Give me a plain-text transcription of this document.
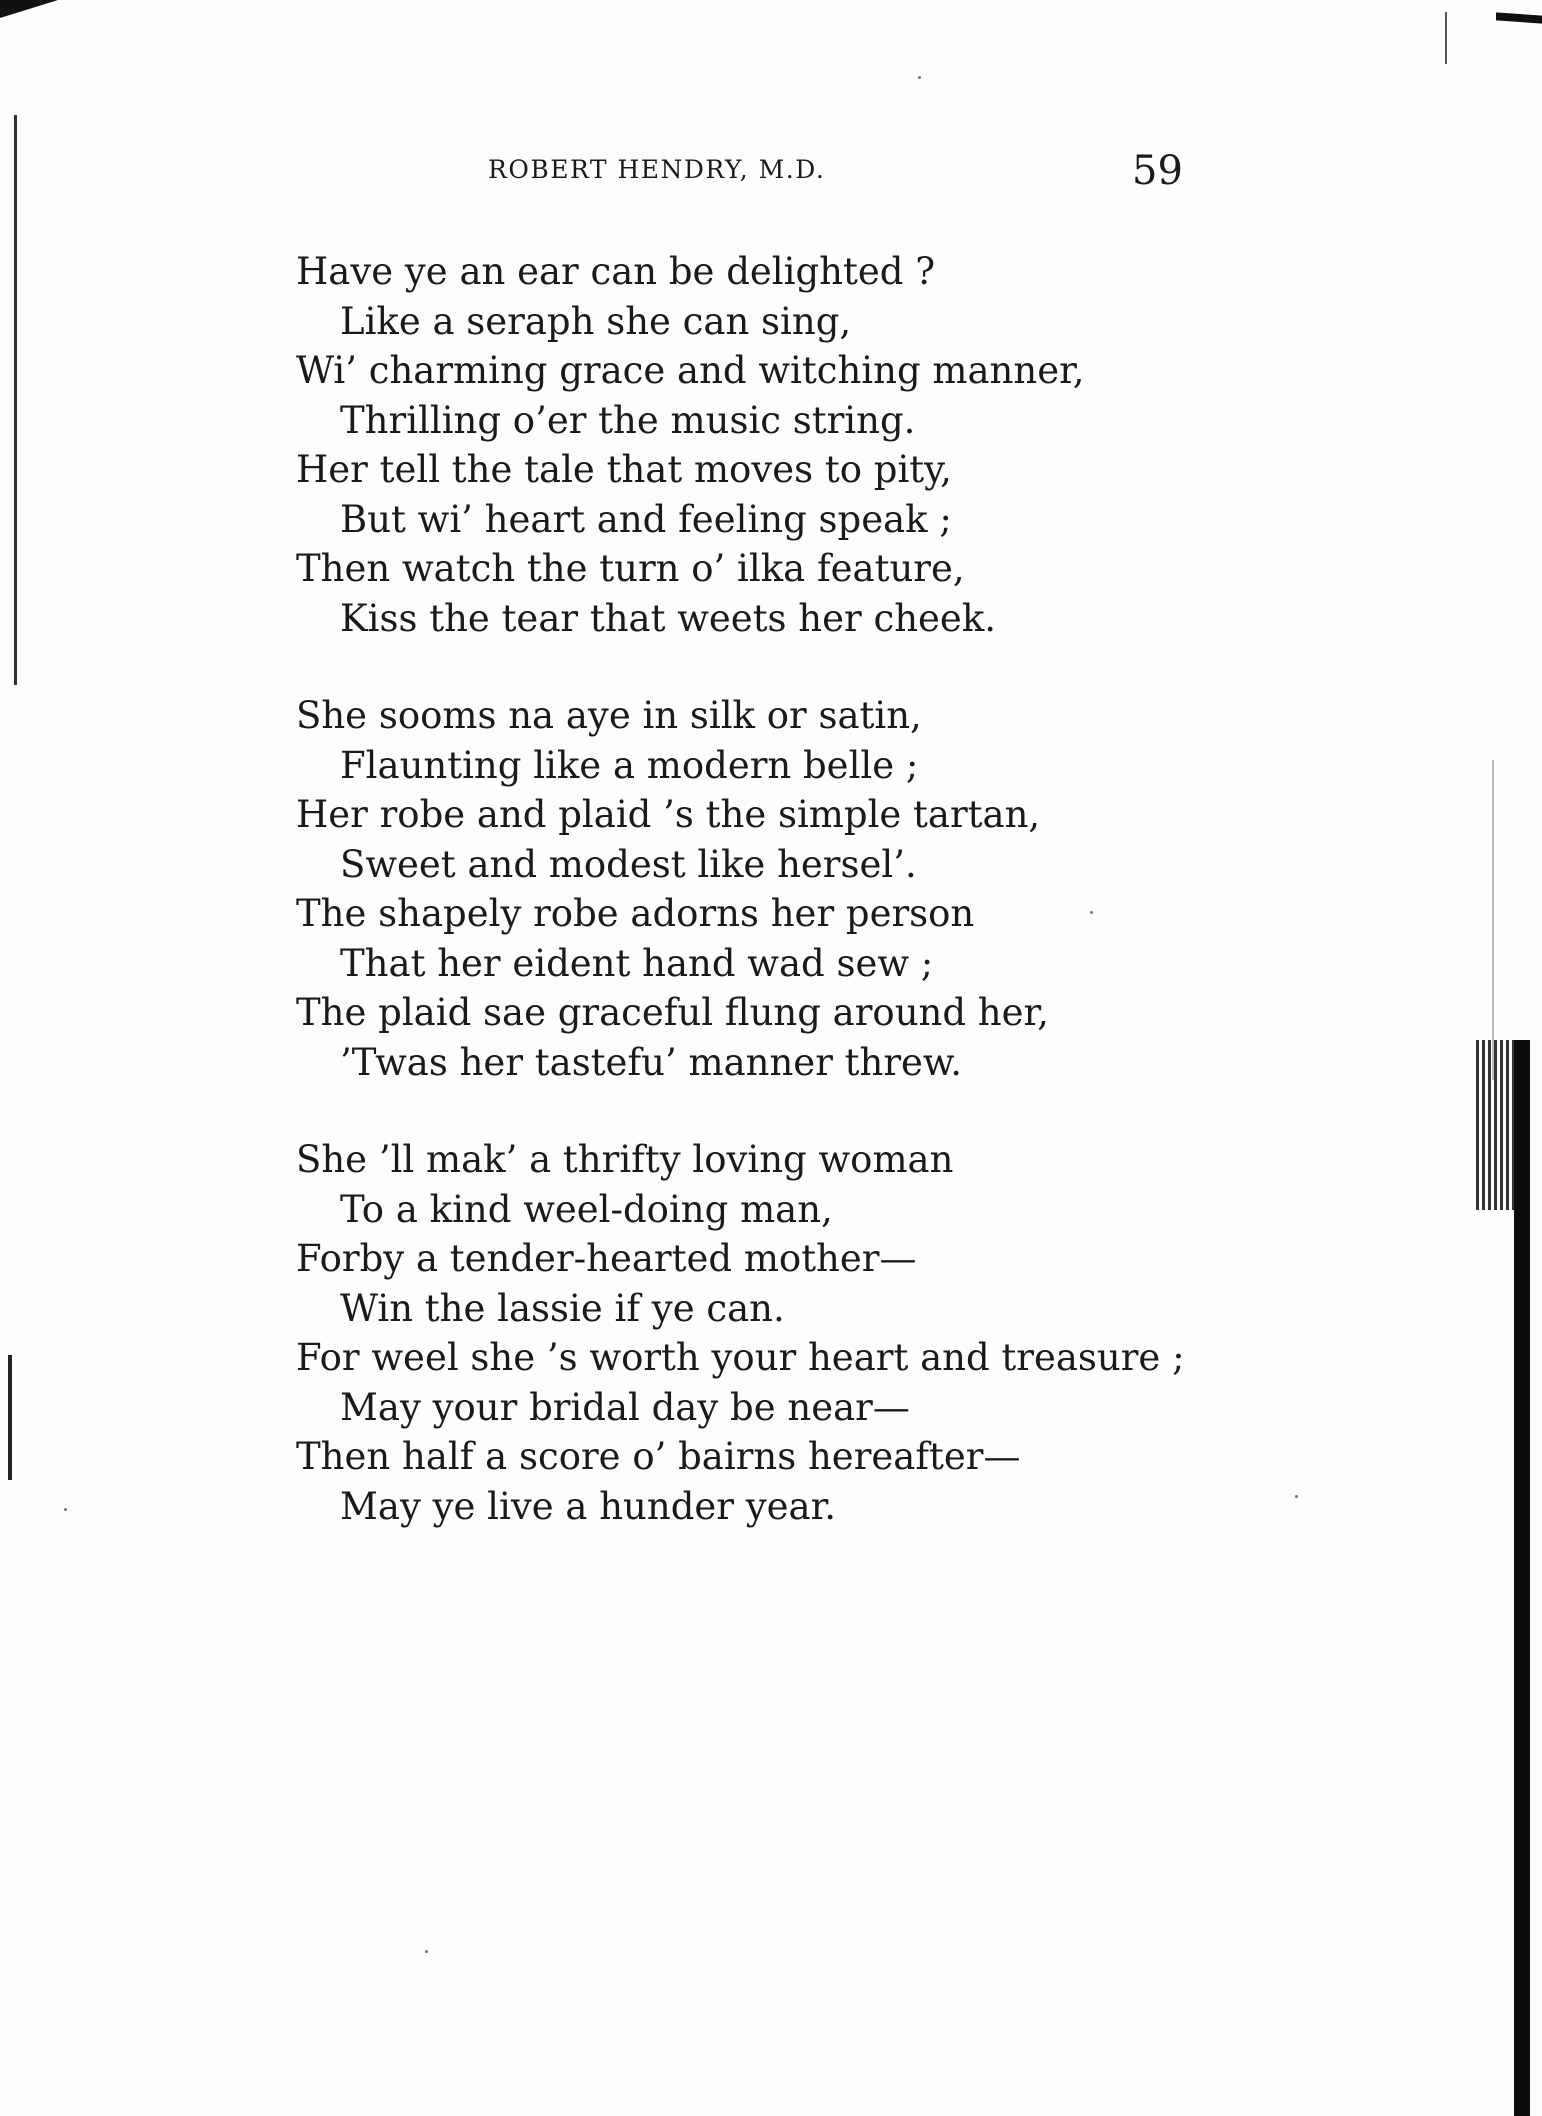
ROBERT HENDRY, M.D.	59
Have ye an ear can be delighted ?
Like a seraph she can sing,
Wi’ charming grace and witching manner,
Thrilling o’er the music string.
Her tell the tale that moves to pity,
But wi’ heart and feeling speak ;
Then watch the turn o’ ilka feature,
Kiss the tear that weets her cheek.
She sooms na aye in silk or satin,
Flaunting like a modern belle ;
Her robe and plaid ’s the simple tartan,
Sweet and modest like hersel’.
The shapely robe adorns her person
That her eident hand wad sew ;
The plaid sae graceful flung around her,
’Twas her tastefu’ manner threw.
She ’ll mak’ a thrifty loving woman
To a kind weel-doing man,
Forby a tender-hearted mother—
Win the lassie if ye can.
For weel she ’s worth your heart and treasure ;
May your bridal day be near—
Then half a score o’ bairns hereafter—
May ye live a hunder year.
